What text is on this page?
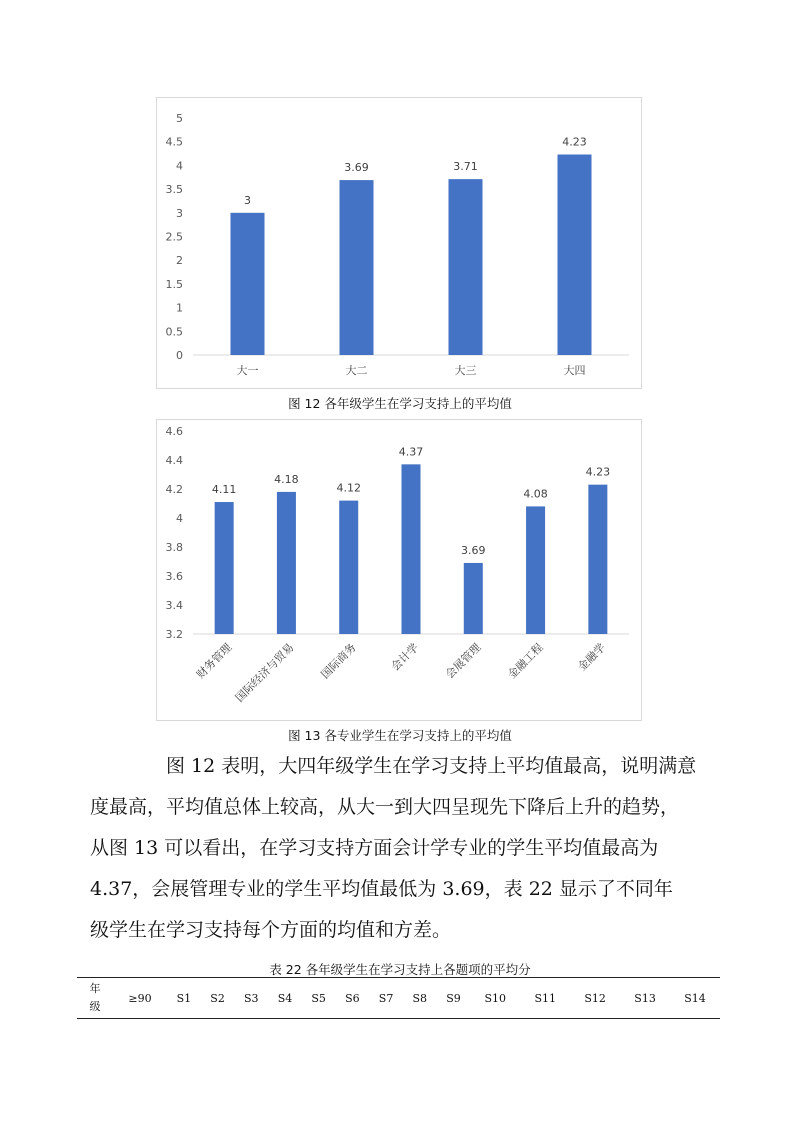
0
0.5
1
1.5
2
2.5
3
3.5
4
4.5
5
3
大一
3.69
大二
3.71
大三
4.23
大四
图 12 各年级学生在学习支持上的平均值
3.2
3.4
3.6
3.8
4
4.2
4.4
4.6
4.11
财务管理
4.18
国际经济与贸易
4.12
国际商务
4.37
会计学
3.69
会展管理
4.08
金融工程
4.23
金融学
图 13 各专业学生在学习支持上的平均值

图 12 表明，大四年级学生在学习支持上平均值最高，说明满意

度最高，平均值总体上较高，从大一到大四呈现先下降后上升的趋势，

从图 13 可以看出，在学习支持方面会计学专业的学生平均值最高为

4.37，会展管理专业的学生平均值最低为 3.69，表 22 显示了不同年

级学生在学习支持每个方面的均值和方差。

表 22 各年级学生在学习支持上各题项的平均分
年
级
	≥90	S1	S2	S3	S4	S5	S6	S7	S8	S9	S10	S11	S12	S13	S14
